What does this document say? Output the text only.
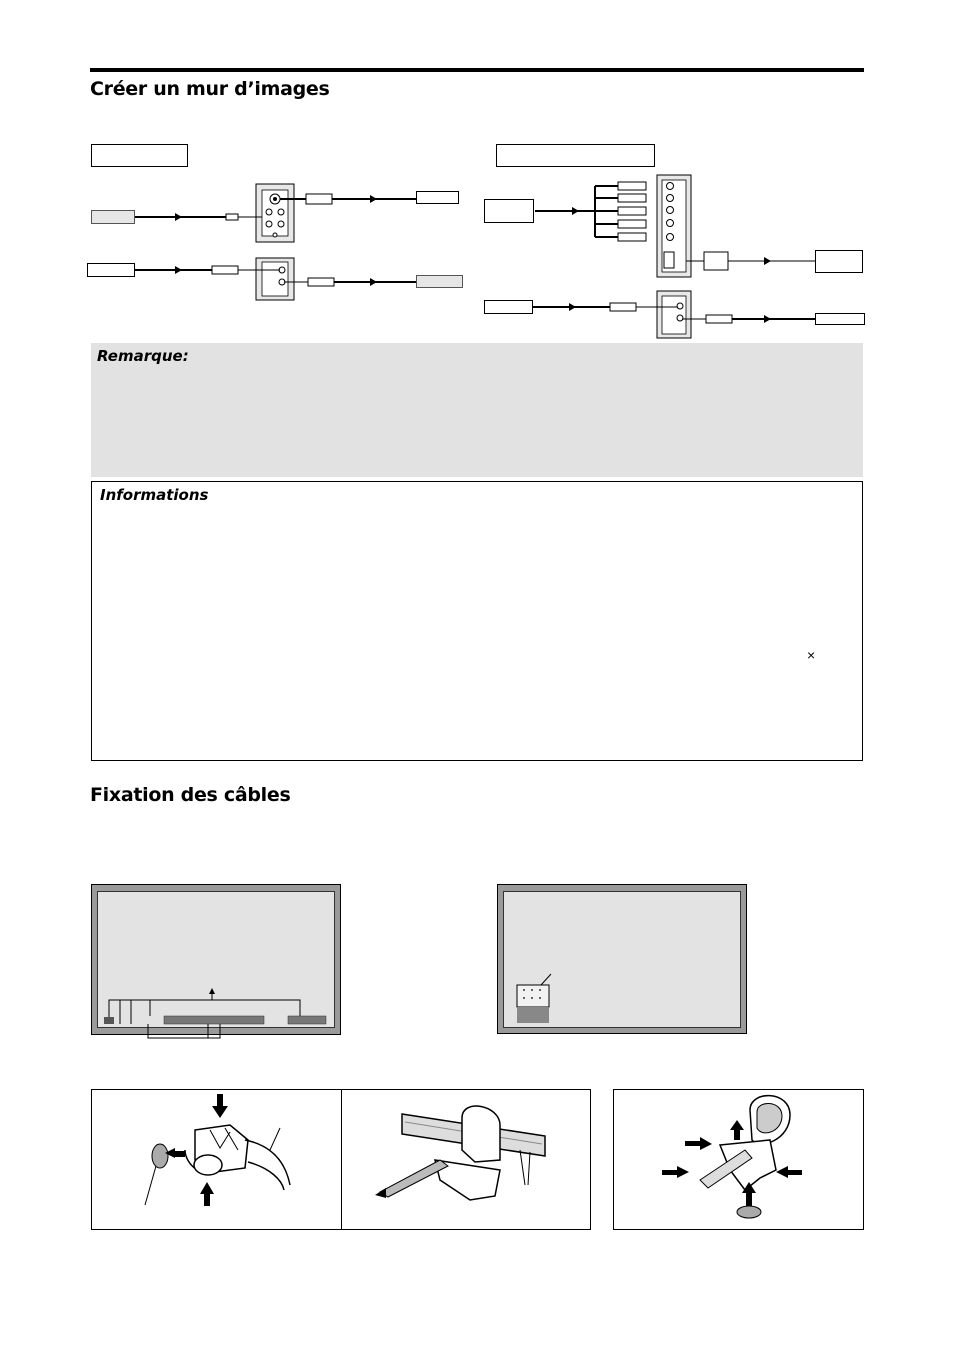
Créer un mur d’images
Remarque:
Informations
×
Fixation des câbles
